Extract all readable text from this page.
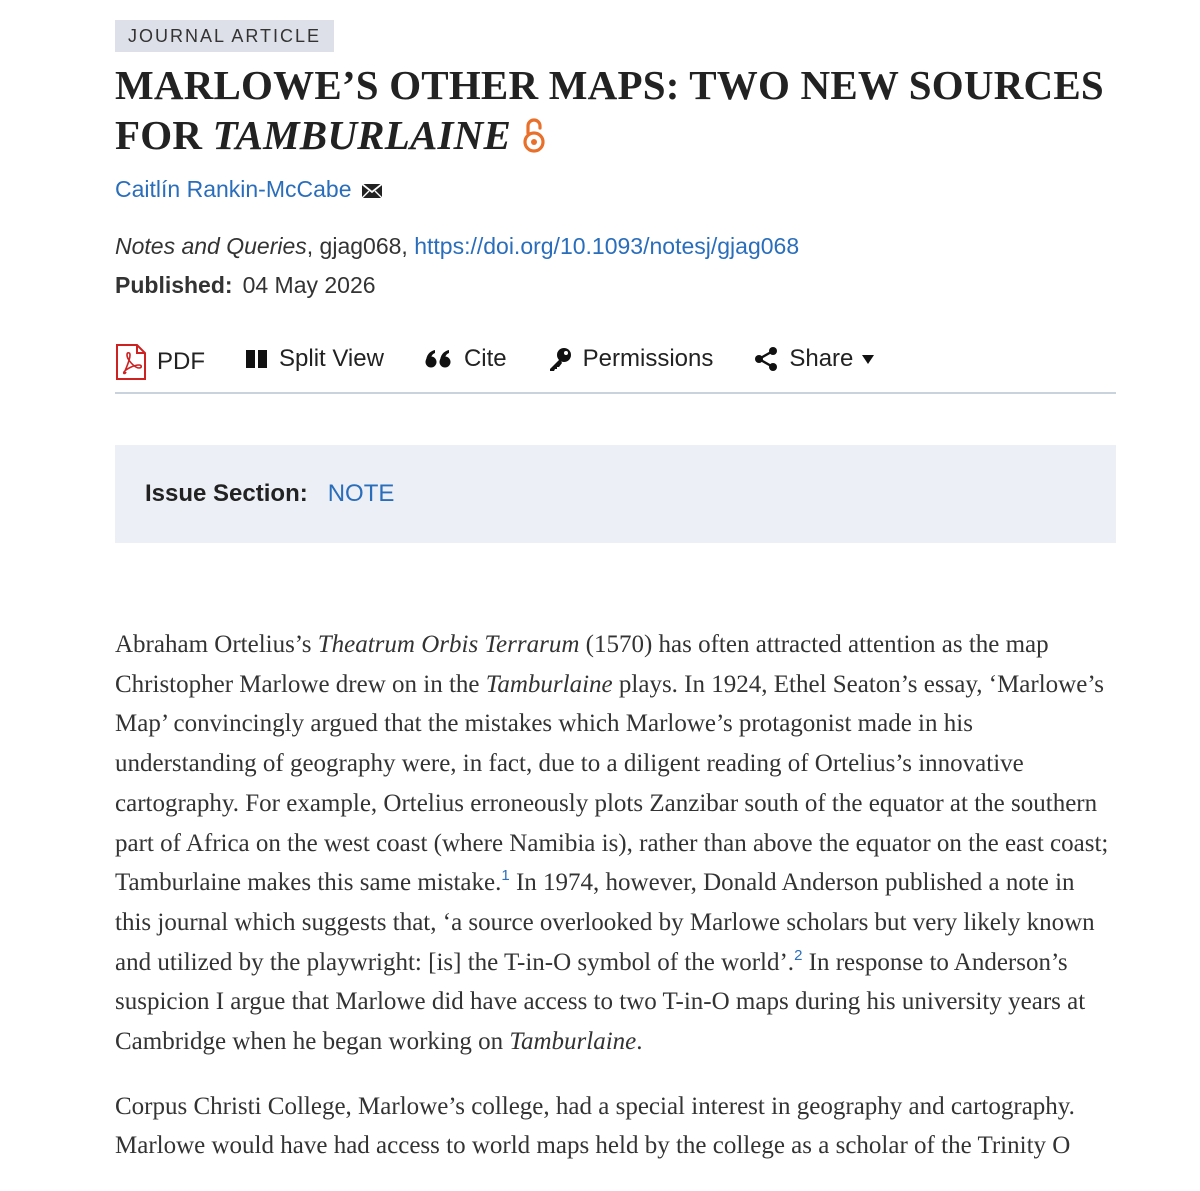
JOURNAL ARTICLE
MARLOWE’S OTHER MAPS: TWO NEW SOURCES
FOR TAMBURLAINE
Caitlín Rankin-McCabe
Notes and Queries, gjag068, https://doi.org/10.1093/notesj/gjag068
Published: 04 May 2026
PDF	Split View	Cite	Permissions	Share
Issue Section: NOTE

Abraham Ortelius’s Theatrum Orbis Terrarum (1570) has often attracted attention as the map Christopher Marlowe drew on in the Tamburlaine plays. In 1924, Ethel Seaton’s essay, ‘Marlowe’s Map’ convincingly argued that the mistakes which Marlowe’s protagonist made in his understanding of geography were, in fact, due to a diligent reading of Ortelius’s innovative cartography. For example, Ortelius erroneously plots Zanzibar south of the equator at the southern part of Africa on the west coast (where Namibia is), rather than above the equator on the east coast; Tamburlaine makes this same mistake.$^1$ In 1974, however, Donald Anderson published a note in this journal which suggests that, ‘a source overlooked by Marlowe scholars but very likely known and utilized by the playwright: [is] the T-in-O symbol of the world’.$^2$ In response to Anderson’s suspicion I argue that Marlowe did have access to two T-in-O maps during his university years at Cambridge when he began working on Tamburlaine.

Corpus Christi College, Marlowe’s college, had a special interest in geography and cartography. Marlowe would have had access to world maps held by the college as a scholar of the Trinity O
